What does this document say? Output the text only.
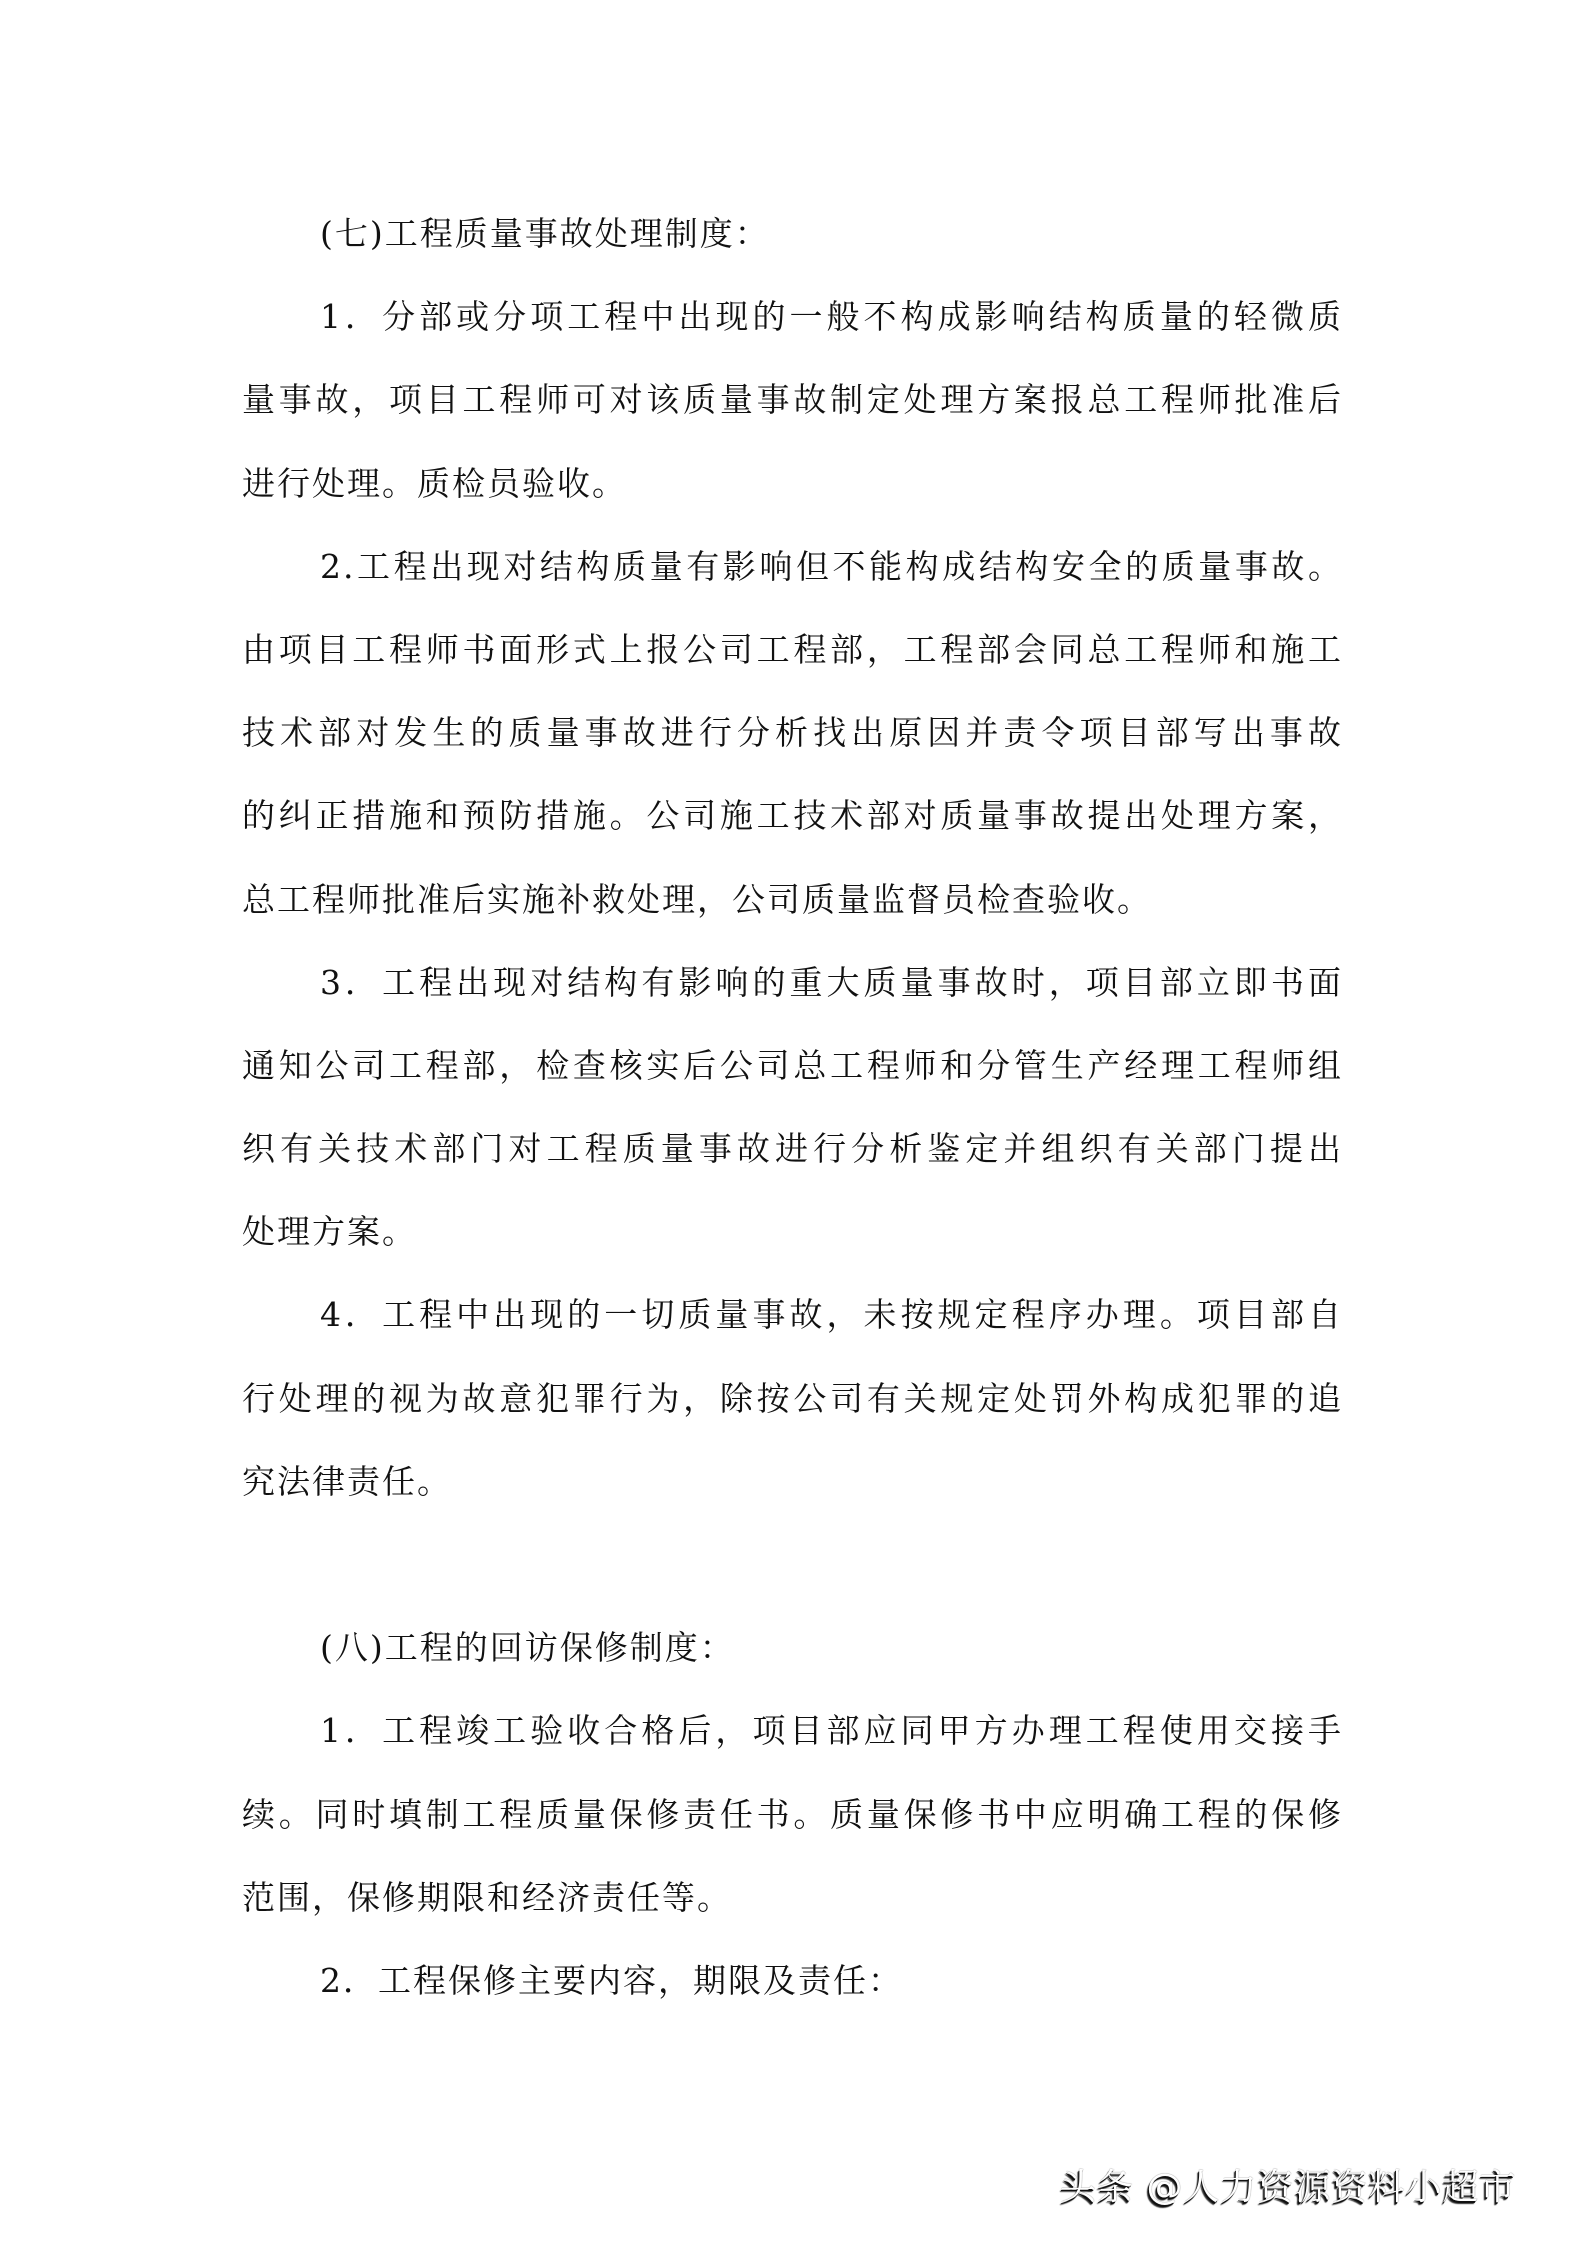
(七)工程质量事故处理制度：
1．分部或分项工程中出现的一般不构成影响结构质量的轻微质
量事故，项目工程师可对该质量事故制定处理方案报总工程师批准后
进行处理。质检员验收。
2.工程出现对结构质量有影响但不能构成结构安全的质量事故。
由项目工程师书面形式上报公司工程部，工程部会同总工程师和施工
技术部对发生的质量事故进行分析找出原因并责令项目部写出事故
的纠正措施和预防措施。公司施工技术部对质量事故提出处理方案，
总工程师批准后实施补救处理，公司质量监督员检查验收。
3．工程出现对结构有影响的重大质量事故时，项目部立即书面
通知公司工程部，检查核实后公司总工程师和分管生产经理工程师组
织有关技术部门对工程质量事故进行分析鉴定并组织有关部门提出
处理方案。
4．工程中出现的一切质量事故，未按规定程序办理。项目部自
行处理的视为故意犯罪行为，除按公司有关规定处罚外构成犯罪的追
究法律责任。
(八)工程的回访保修制度：
1．工程竣工验收合格后，项目部应同甲方办理工程使用交接手
续。同时填制工程质量保修责任书。质量保修书中应明确工程的保修
范围，保修期限和经济责任等。
2．工程保修主要内容，期限及责任：
头条 @人力资源资料小超市
